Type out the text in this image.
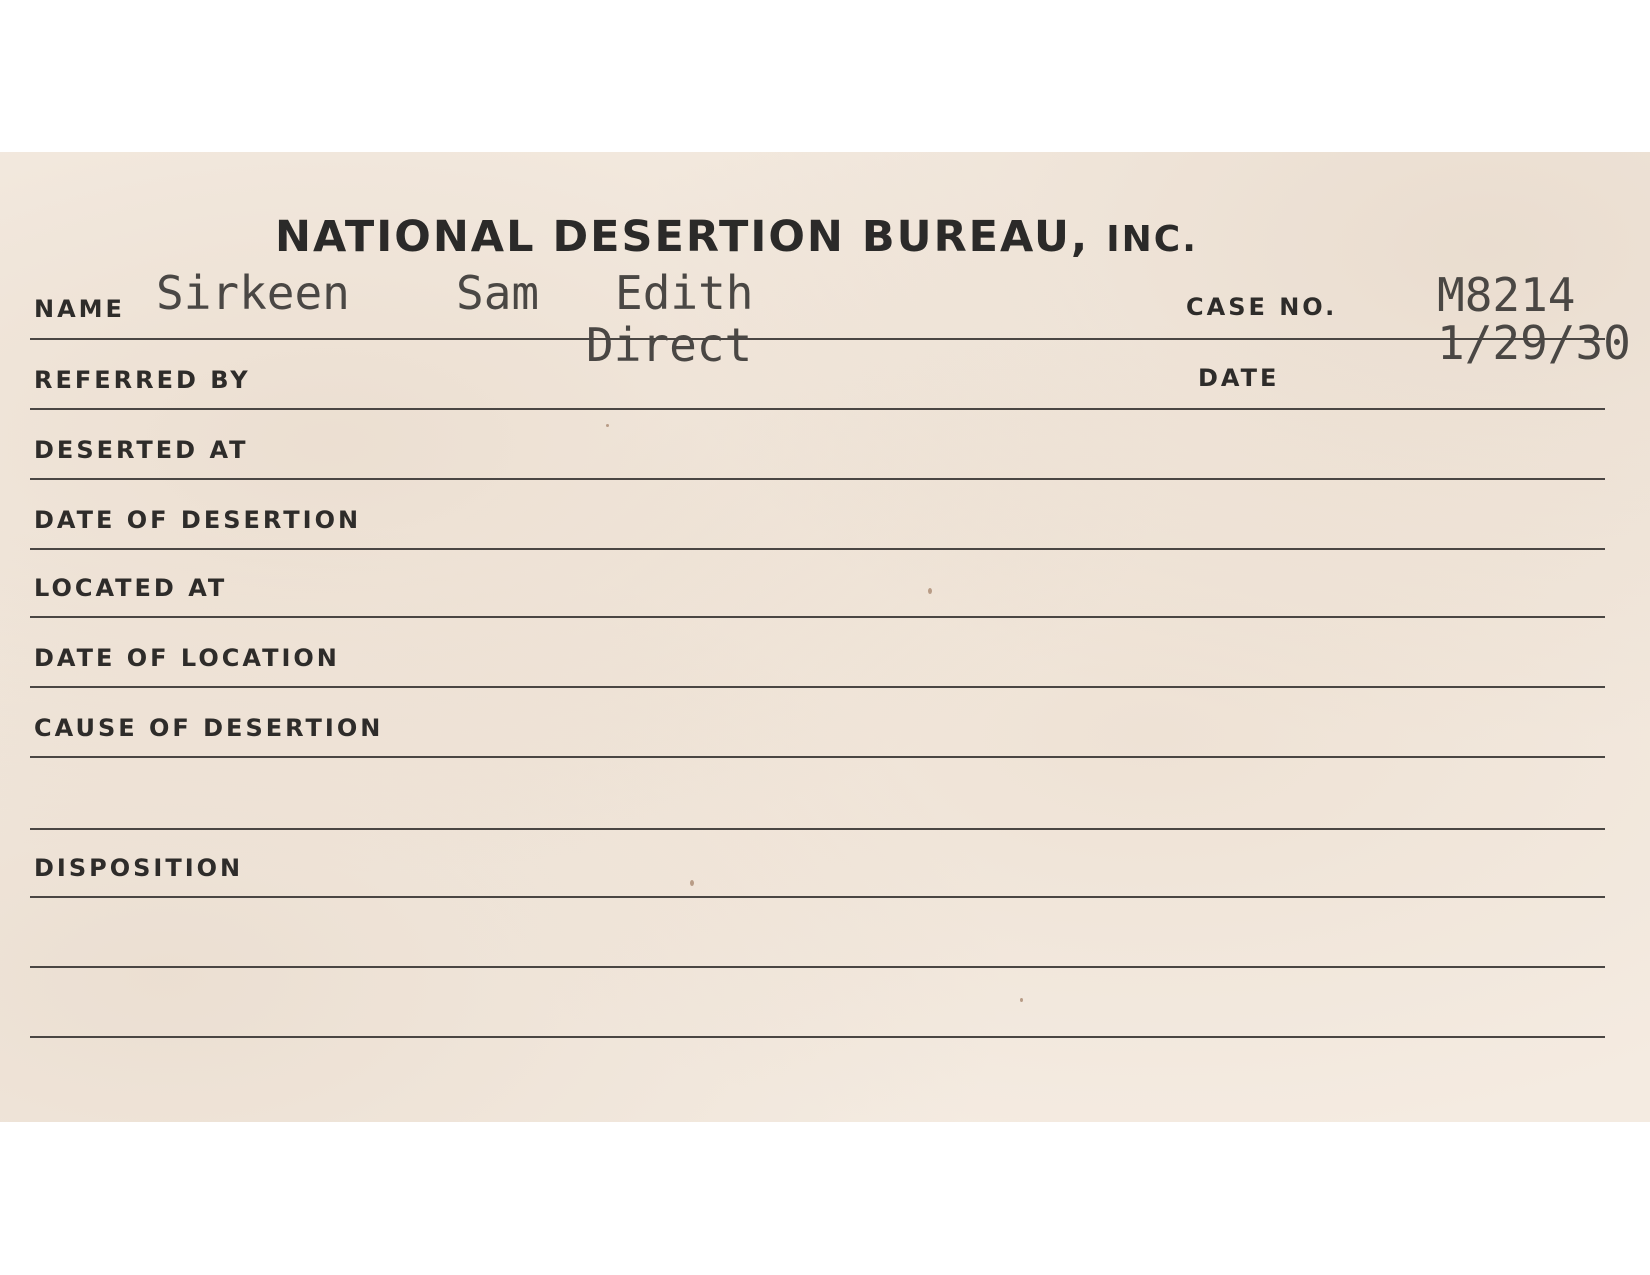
NATIONAL DESERTION BUREAU, INC.
NAME Sirkeen Sam Edith	CASE NO. M8214
REFERRED BY
Direct
DATE
1/29/30
DESERTED AT
DATE OF DESERTION
LOCATED AT
DATE OF LOCATION
CAUSE OF DESERTION
DISPOSITION
